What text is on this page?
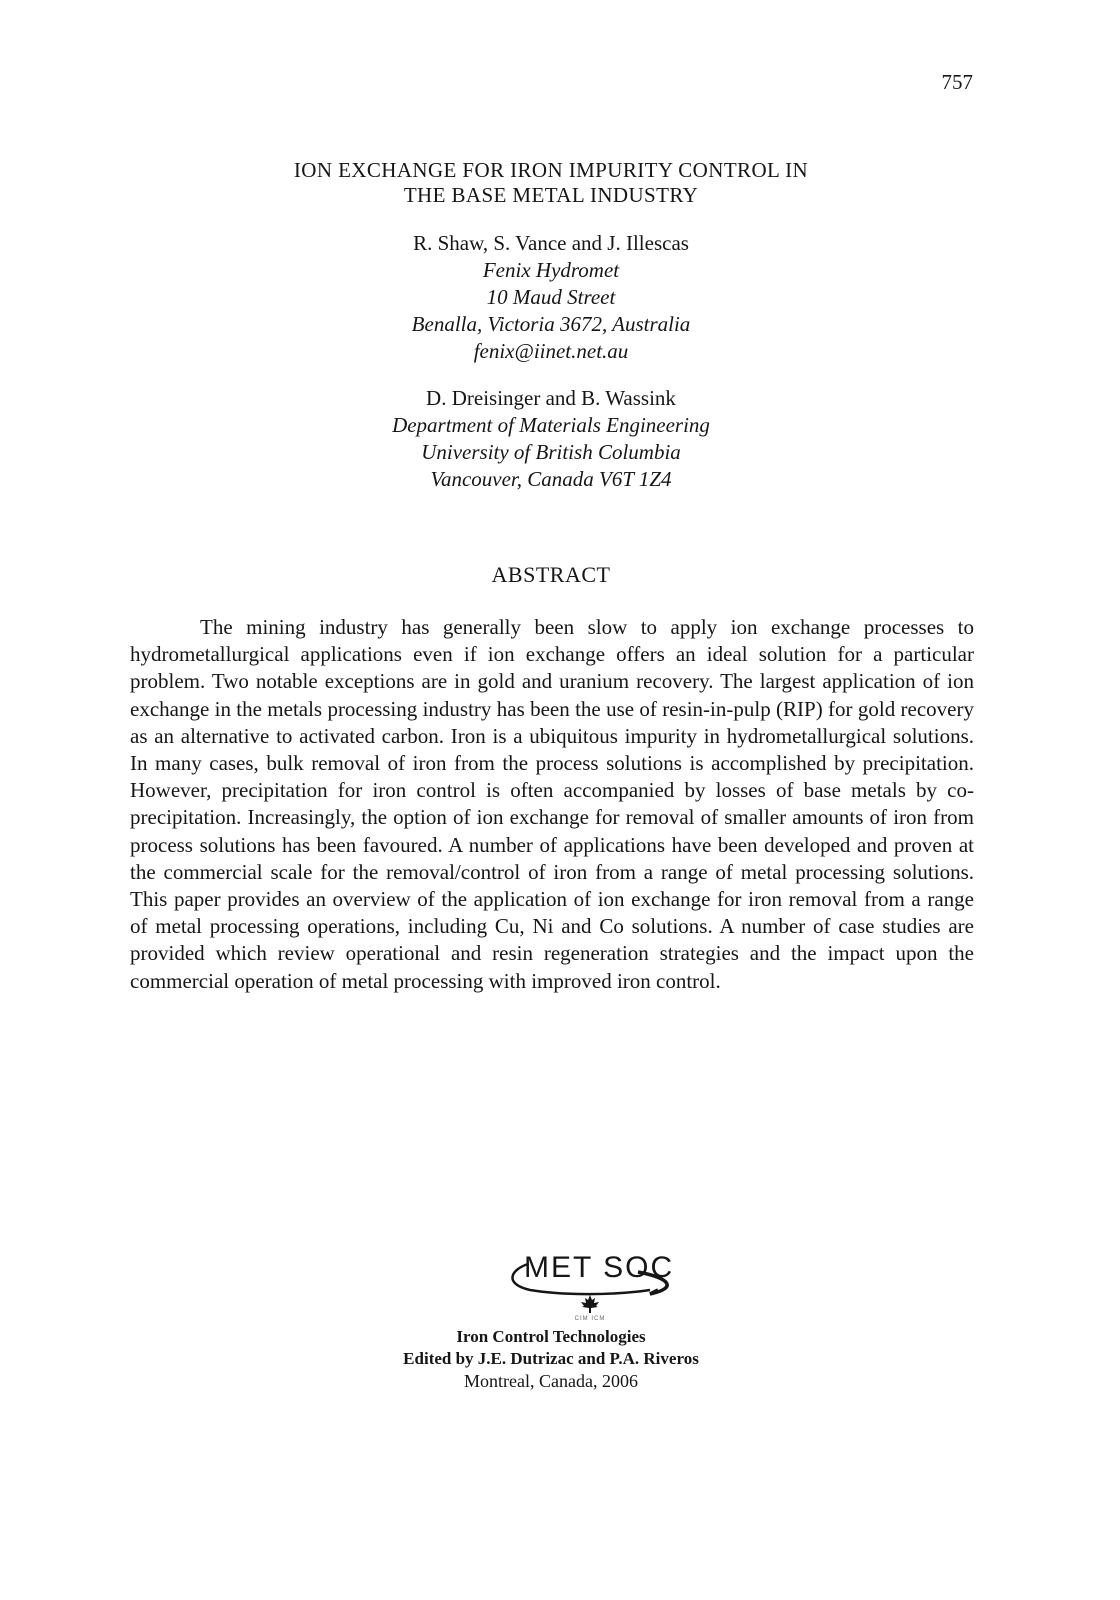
757
ION EXCHANGE FOR IRON IMPURITY CONTROL IN
THE BASE METAL INDUSTRY
R. Shaw, S. Vance and J. Illescas
Fenix Hydromet
10 Maud Street
Benalla, Victoria 3672, Australia
fenix@iinet.net.au
D. Dreisinger and B. Wassink
Department of Materials Engineering
University of British Columbia
Vancouver, Canada V6T 1Z4
ABSTRACT

The mining industry has generally been slow to apply ion exchange processes to hydrometallurgical applications even if ion exchange offers an ideal solution for a particular problem. Two notable exceptions are in gold and uranium recovery. The largest application of ion exchange in the metals processing industry has been the use of resin-in-pulp (RIP) for gold recovery as an alternative to activated carbon. Iron is a ubiquitous impurity in hydrometallurgical solutions. In many cases, bulk removal of iron from the process solutions is accomplished by precipitation. However, precipitation for iron control is often accompanied by losses of base metals by co-precipitation. Increasingly, the option of ion exchange for removal of smaller amounts of iron from process solutions has been favoured. A number of applications have been developed and proven at the commercial scale for the removal/control of iron from a range of metal processing solutions. This paper provides an overview of the application of ion exchange for iron removal from a range of metal processing operations, including Cu, Ni and Co solutions. A number of case studies are provided which review operational and resin regeneration strategies and the impact upon the commercial operation of metal processing with improved iron control.

MET SOC
CIM ICM
Iron Control Technologies
Edited by J.E. Dutrizac and P.A. Riveros
Montreal, Canada, 2006
